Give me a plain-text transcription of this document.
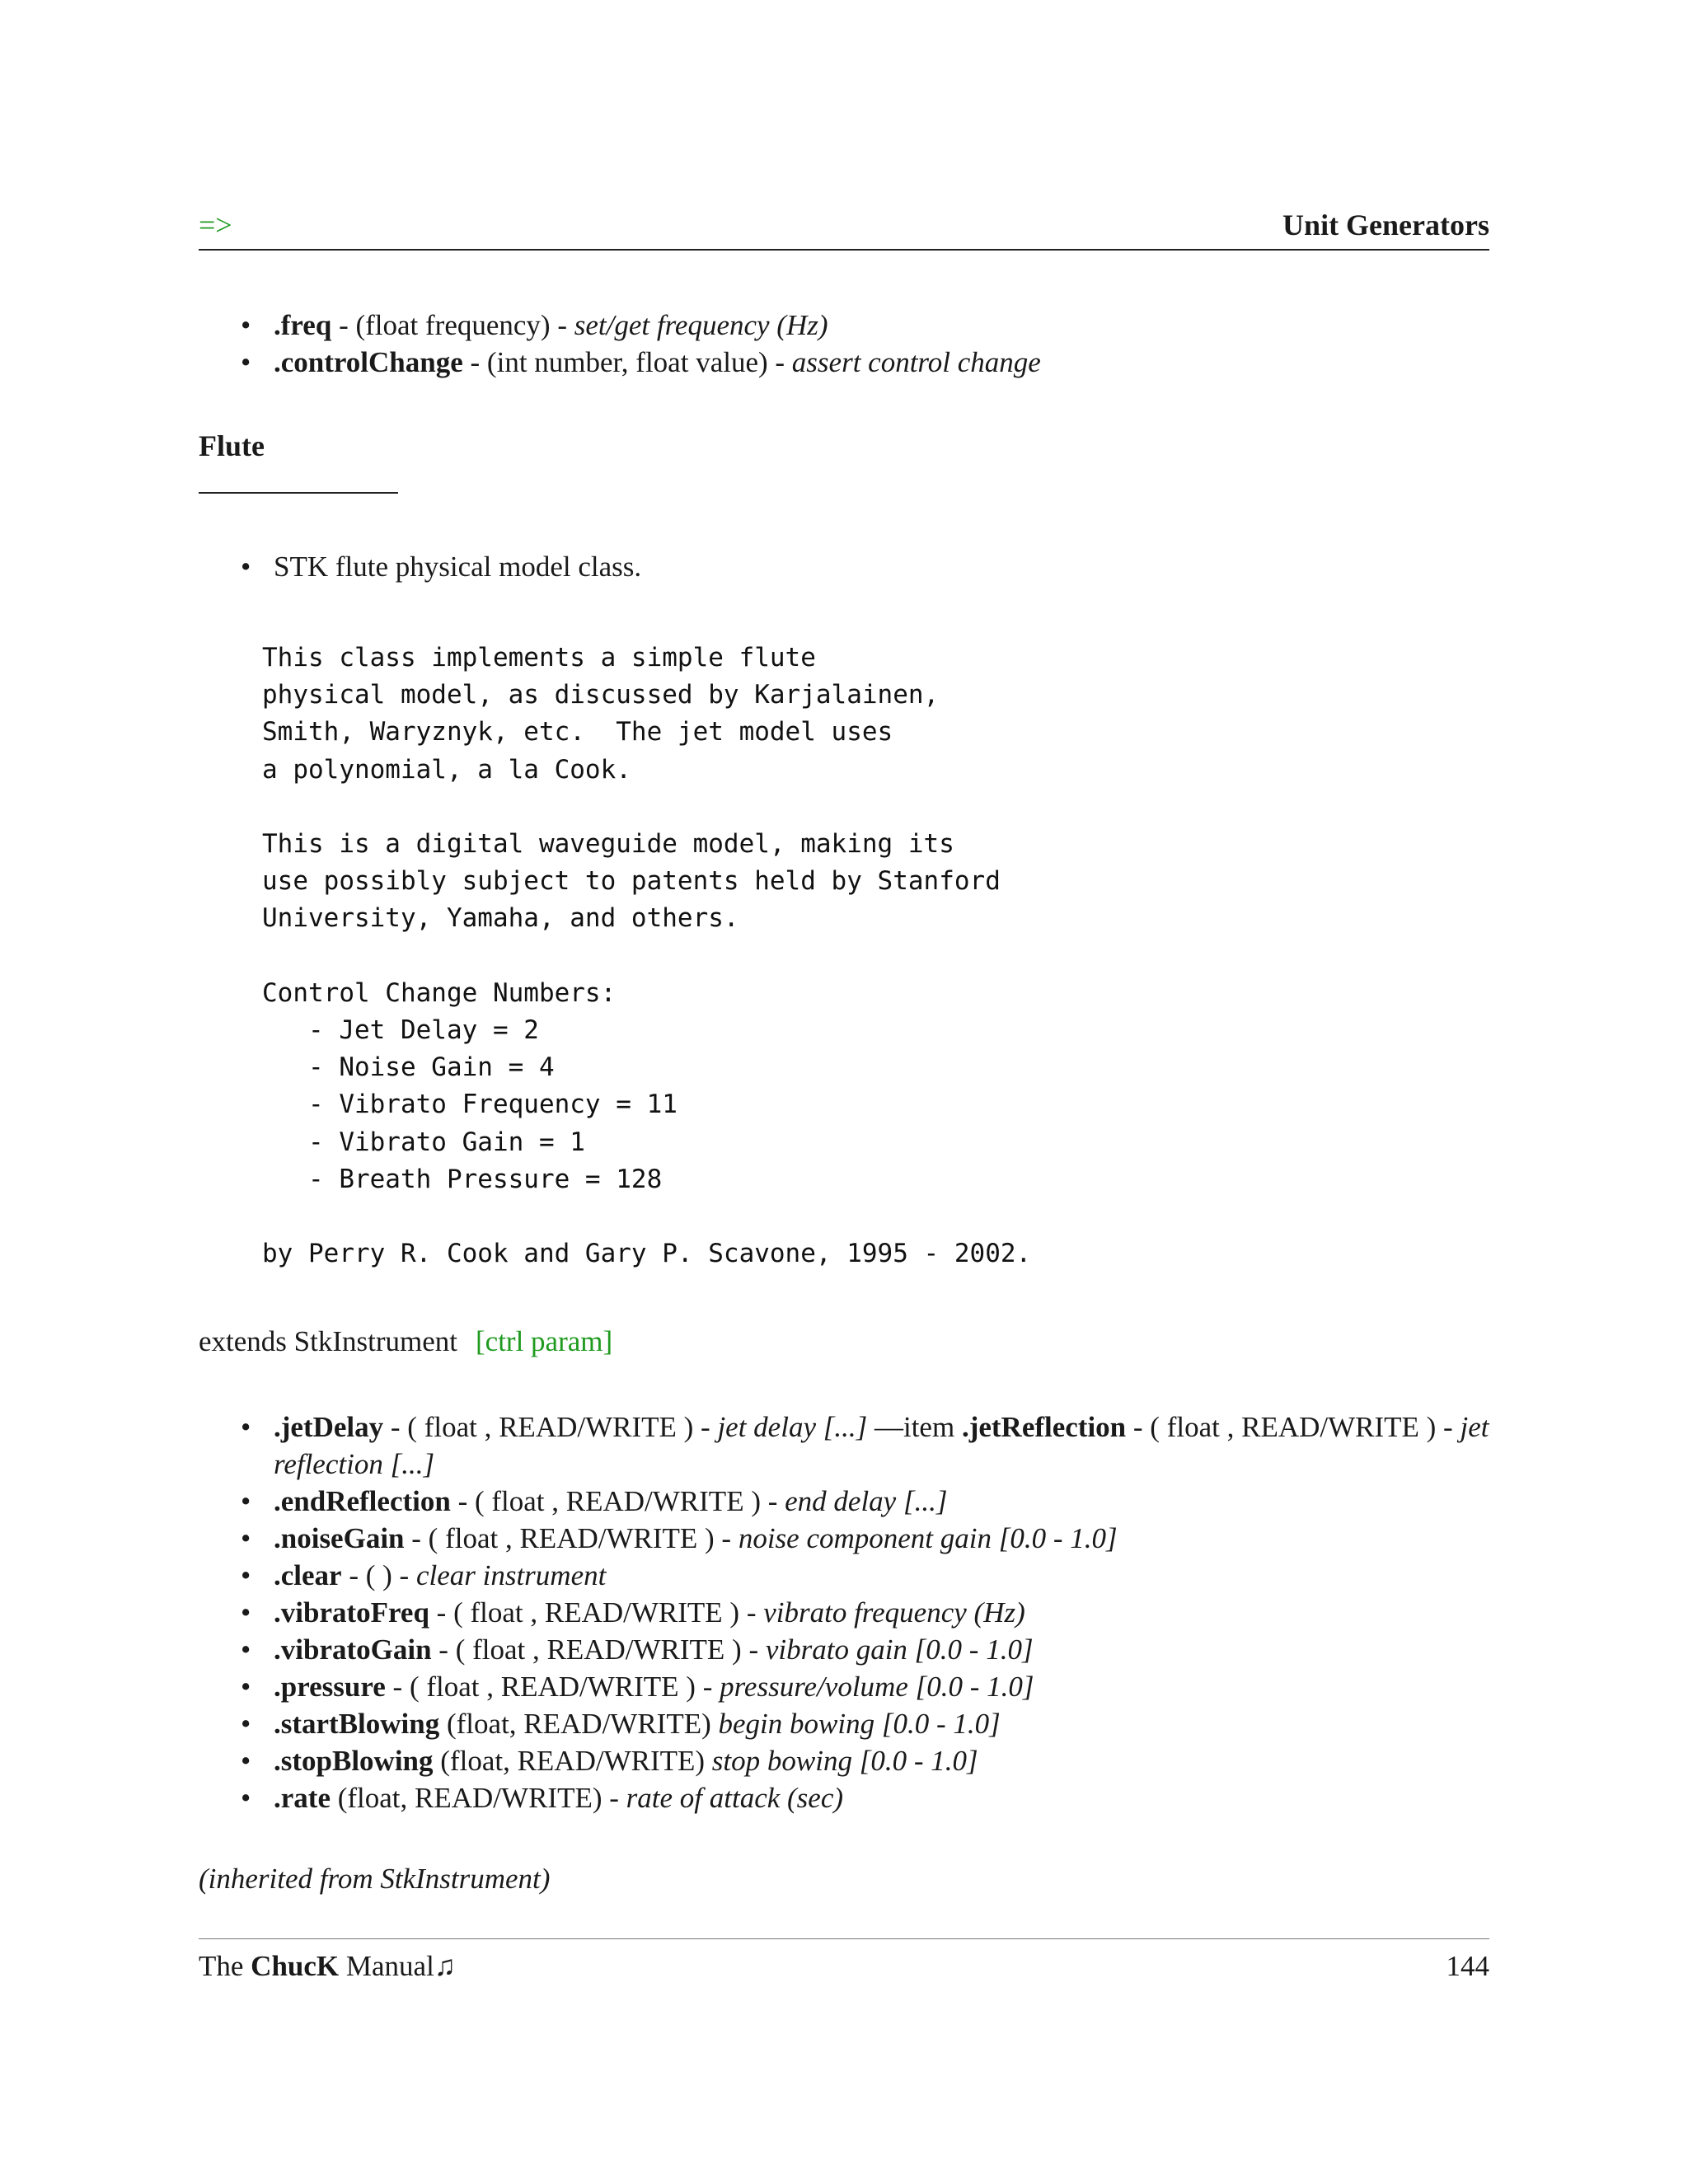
=>	Unit Generators
• .freq - (float frequency) - set/get frequency (Hz)
• .controlChange - (int number, float value) - assert control change
Flute
• STK flute physical model class.
This class implements a simple flute
physical model, as discussed by Karjalainen,
Smith, Waryznyk, etc.  The jet model uses
a polynomial, a la Cook.

This is a digital waveguide model, making its
use possibly subject to patents held by Stanford
University, Yamaha, and others.

Control Change Numbers:
- Jet Delay = 2
- Noise Gain = 4
- Vibrato Frequency = 11
- Vibrato Gain = 1
- Breath Pressure = 128

by Perry R. Cook and Gary P. Scavone, 1995 - 2002.
extends StkInstrument [ctrl param]
• .jetDelay - ( float , READ/WRITE ) - jet delay [...] —item .jetReflection - ( float , READ/WRITE ) - jet reflection [...]
• .endReflection - ( float , READ/WRITE ) - end delay [...]
• .noiseGain - ( float , READ/WRITE ) - noise component gain [0.0 - 1.0]
• .clear - ( ) - clear instrument
• .vibratoFreq - ( float , READ/WRITE ) - vibrato frequency (Hz)
• .vibratoGain - ( float , READ/WRITE ) - vibrato gain [0.0 - 1.0]
• .pressure - ( float , READ/WRITE ) - pressure/volume [0.0 - 1.0]
• .startBlowing (float, READ/WRITE) begin bowing [0.0 - 1.0]
• .stopBlowing (float, READ/WRITE) stop bowing [0.0 - 1.0]
• .rate (float, READ/WRITE) - rate of attack (sec)
(inherited from StkInstrument)
The ChucK Manual♫	144
